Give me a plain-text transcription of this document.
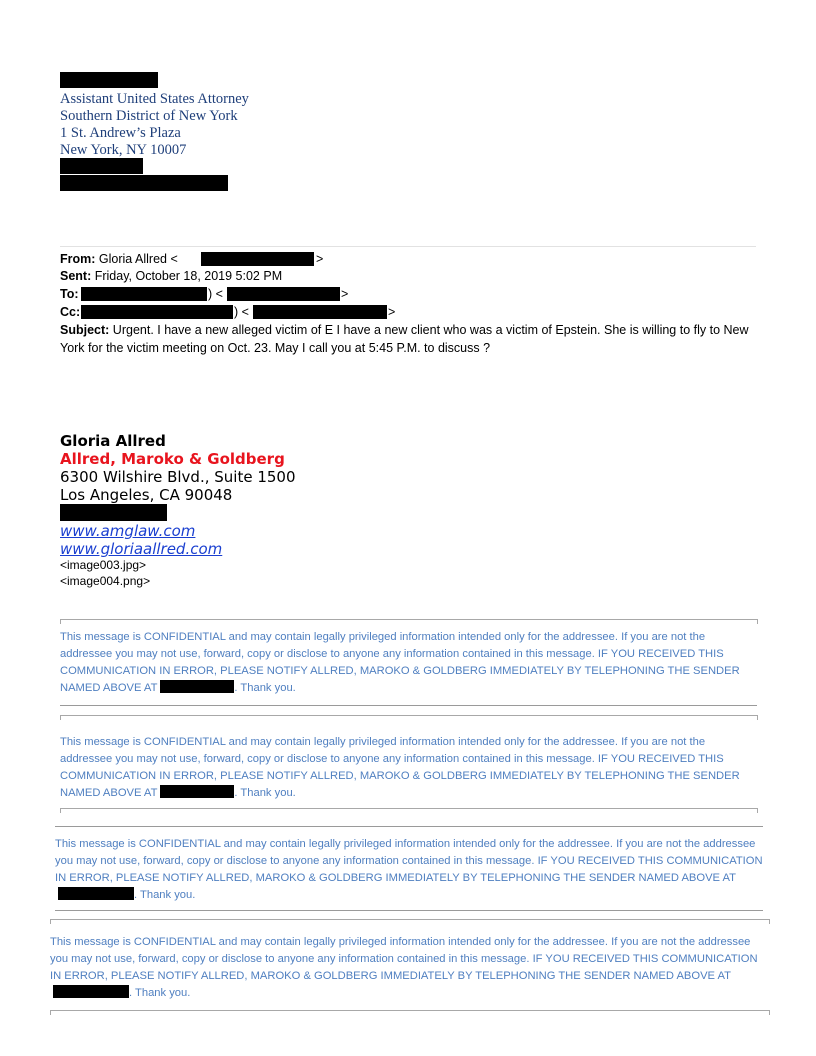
Assistant United States Attorney
Southern District of New York
1 St. Andrew’s Plaza
New York, NY 10007
From: Gloria Allred <	>
Sent: Friday, October 18, 2019 5:02 PM
To:	) <	>
Cc:	) <	>
Subject: Urgent. I have a new alleged victim of E I have a new client who was a victim of Epstein. She is willing to fly to New York for the victim meeting on Oct. 23. May I call you at 5:45 P.M. to discuss ?
Gloria Allred
Allred, Maroko & Goldberg
6300 Wilshire Blvd., Suite 1500
Los Angeles, CA 90048
www.amglaw.com
www.gloriaallred.com
<image003.jpg>
<image004.png>
This message is CONFIDENTIAL and may contain legally privileged information intended only for the addressee. If you are not the addressee you may not use, forward, copy or disclose to anyone any information contained in this message. IF YOU RECEIVED THIS COMMUNICATION IN ERROR, PLEASE NOTIFY ALLRED, MAROKO & GOLDBERG IMMEDIATELY BY TELEPHONING THE SENDER NAMED ABOVE AT	. Thank you.
This message is CONFIDENTIAL and may contain legally privileged information intended only for the addressee. If you are not the addressee you may not use, forward, copy or disclose to anyone any information contained in this message. IF YOU RECEIVED THIS COMMUNICATION IN ERROR, PLEASE NOTIFY ALLRED, MAROKO & GOLDBERG IMMEDIATELY BY TELEPHONING THE SENDER NAMED ABOVE AT	. Thank you.
This message is CONFIDENTIAL and may contain legally privileged information intended only for the addressee. If you are not the addressee you may not use, forward, copy or disclose to anyone any information contained in this message. IF YOU RECEIVED THIS COMMUNICATION IN ERROR, PLEASE NOTIFY ALLRED, MAROKO & GOLDBERG IMMEDIATELY BY TELEPHONING THE SENDER NAMED ABOVE AT. Thank you.
This message is CONFIDENTIAL and may contain legally privileged information intended only for the addressee. If you are not the addressee you may not use, forward, copy or disclose to anyone any information contained in this message. IF YOU RECEIVED THIS COMMUNICATION IN ERROR, PLEASE NOTIFY ALLRED, MAROKO & GOLDBERG IMMEDIATELY BY TELEPHONING THE SENDER NAMED ABOVE AT. Thank you.
